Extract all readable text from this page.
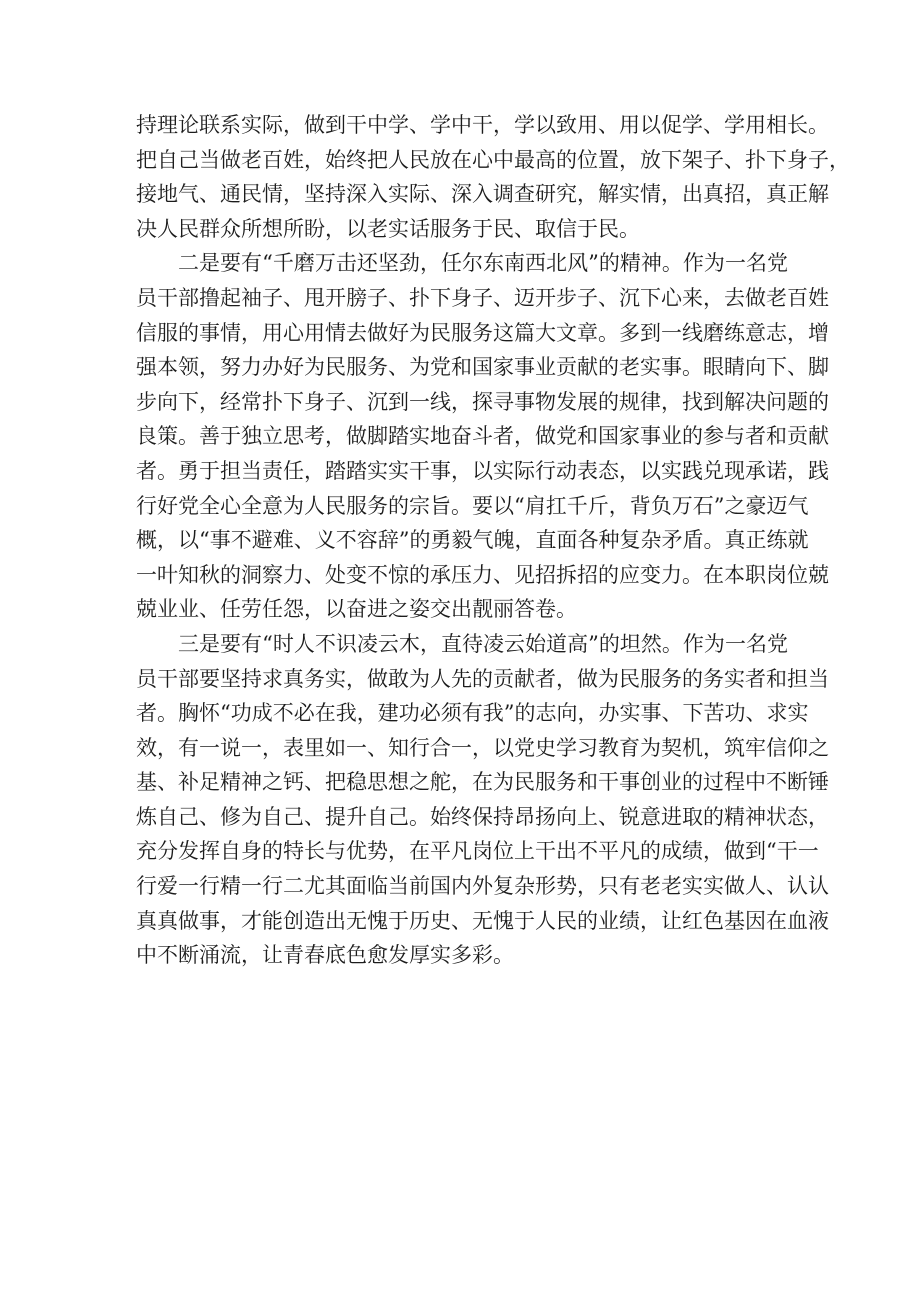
持理论联系实际，做到干中学、学中干，学以致用、用以促学、学用相长。
把自己当做老百姓，始终把人民放在心中最高的位置，放下架子、扑下身子，
接地气、通民情，坚持深入实际、深入调查研究，解实情，出真招，真正解
决人民群众所想所盼，以老实话服务于民、取信于民。
二是要有“千磨万击还坚劲，任尔东南西北风”的精神。作为一名党
员干部撸起袖子、甩开膀子、扑下身子、迈开步子、沉下心来，去做老百姓
信服的事情，用心用情去做好为民服务这篇大文章。多到一线磨练意志，增
强本领，努力办好为民服务、为党和国家事业贡献的老实事。眼睛向下、脚
步向下，经常扑下身子、沉到一线，探寻事物发展的规律，找到解决问题的
良策。善于独立思考，做脚踏实地奋斗者，做党和国家事业的参与者和贡献
者。勇于担当责任，踏踏实实干事，以实际行动表态，以实践兑现承诺，践
行好党全心全意为人民服务的宗旨。要以“肩扛千斤，背负万石”之豪迈气
概，以“事不避难、义不容辞”的勇毅气魄，直面各种复杂矛盾。真正练就
一叶知秋的洞察力、处变不惊的承压力、见招拆招的应变力。在本职岗位兢
兢业业、任劳任怨，以奋进之姿交出靓丽答卷。
三是要有“时人不识凌云木，直待凌云始道高”的坦然。作为一名党
员干部要坚持求真务实，做敢为人先的贡献者，做为民服务的务实者和担当
者。胸怀“功成不必在我，建功必须有我”的志向，办实事、下苦功、求实
效，有一说一，表里如一、知行合一，以党史学习教育为契机，筑牢信仰之
基、补足精神之钙、把稳思想之舵，在为民服务和干事创业的过程中不断锤
炼自己、修为自己、提升自己。始终保持昂扬向上、锐意进取的精神状态，
充分发挥自身的特长与优势，在平凡岗位上干出不平凡的成绩，做到“干一
行爱一行精一行二尤其面临当前国内外复杂形势，只有老老实实做人、认认
真真做事，才能创造出无愧于历史、无愧于人民的业绩，让红色基因在血液
中不断涌流，让青春底色愈发厚实多彩。
